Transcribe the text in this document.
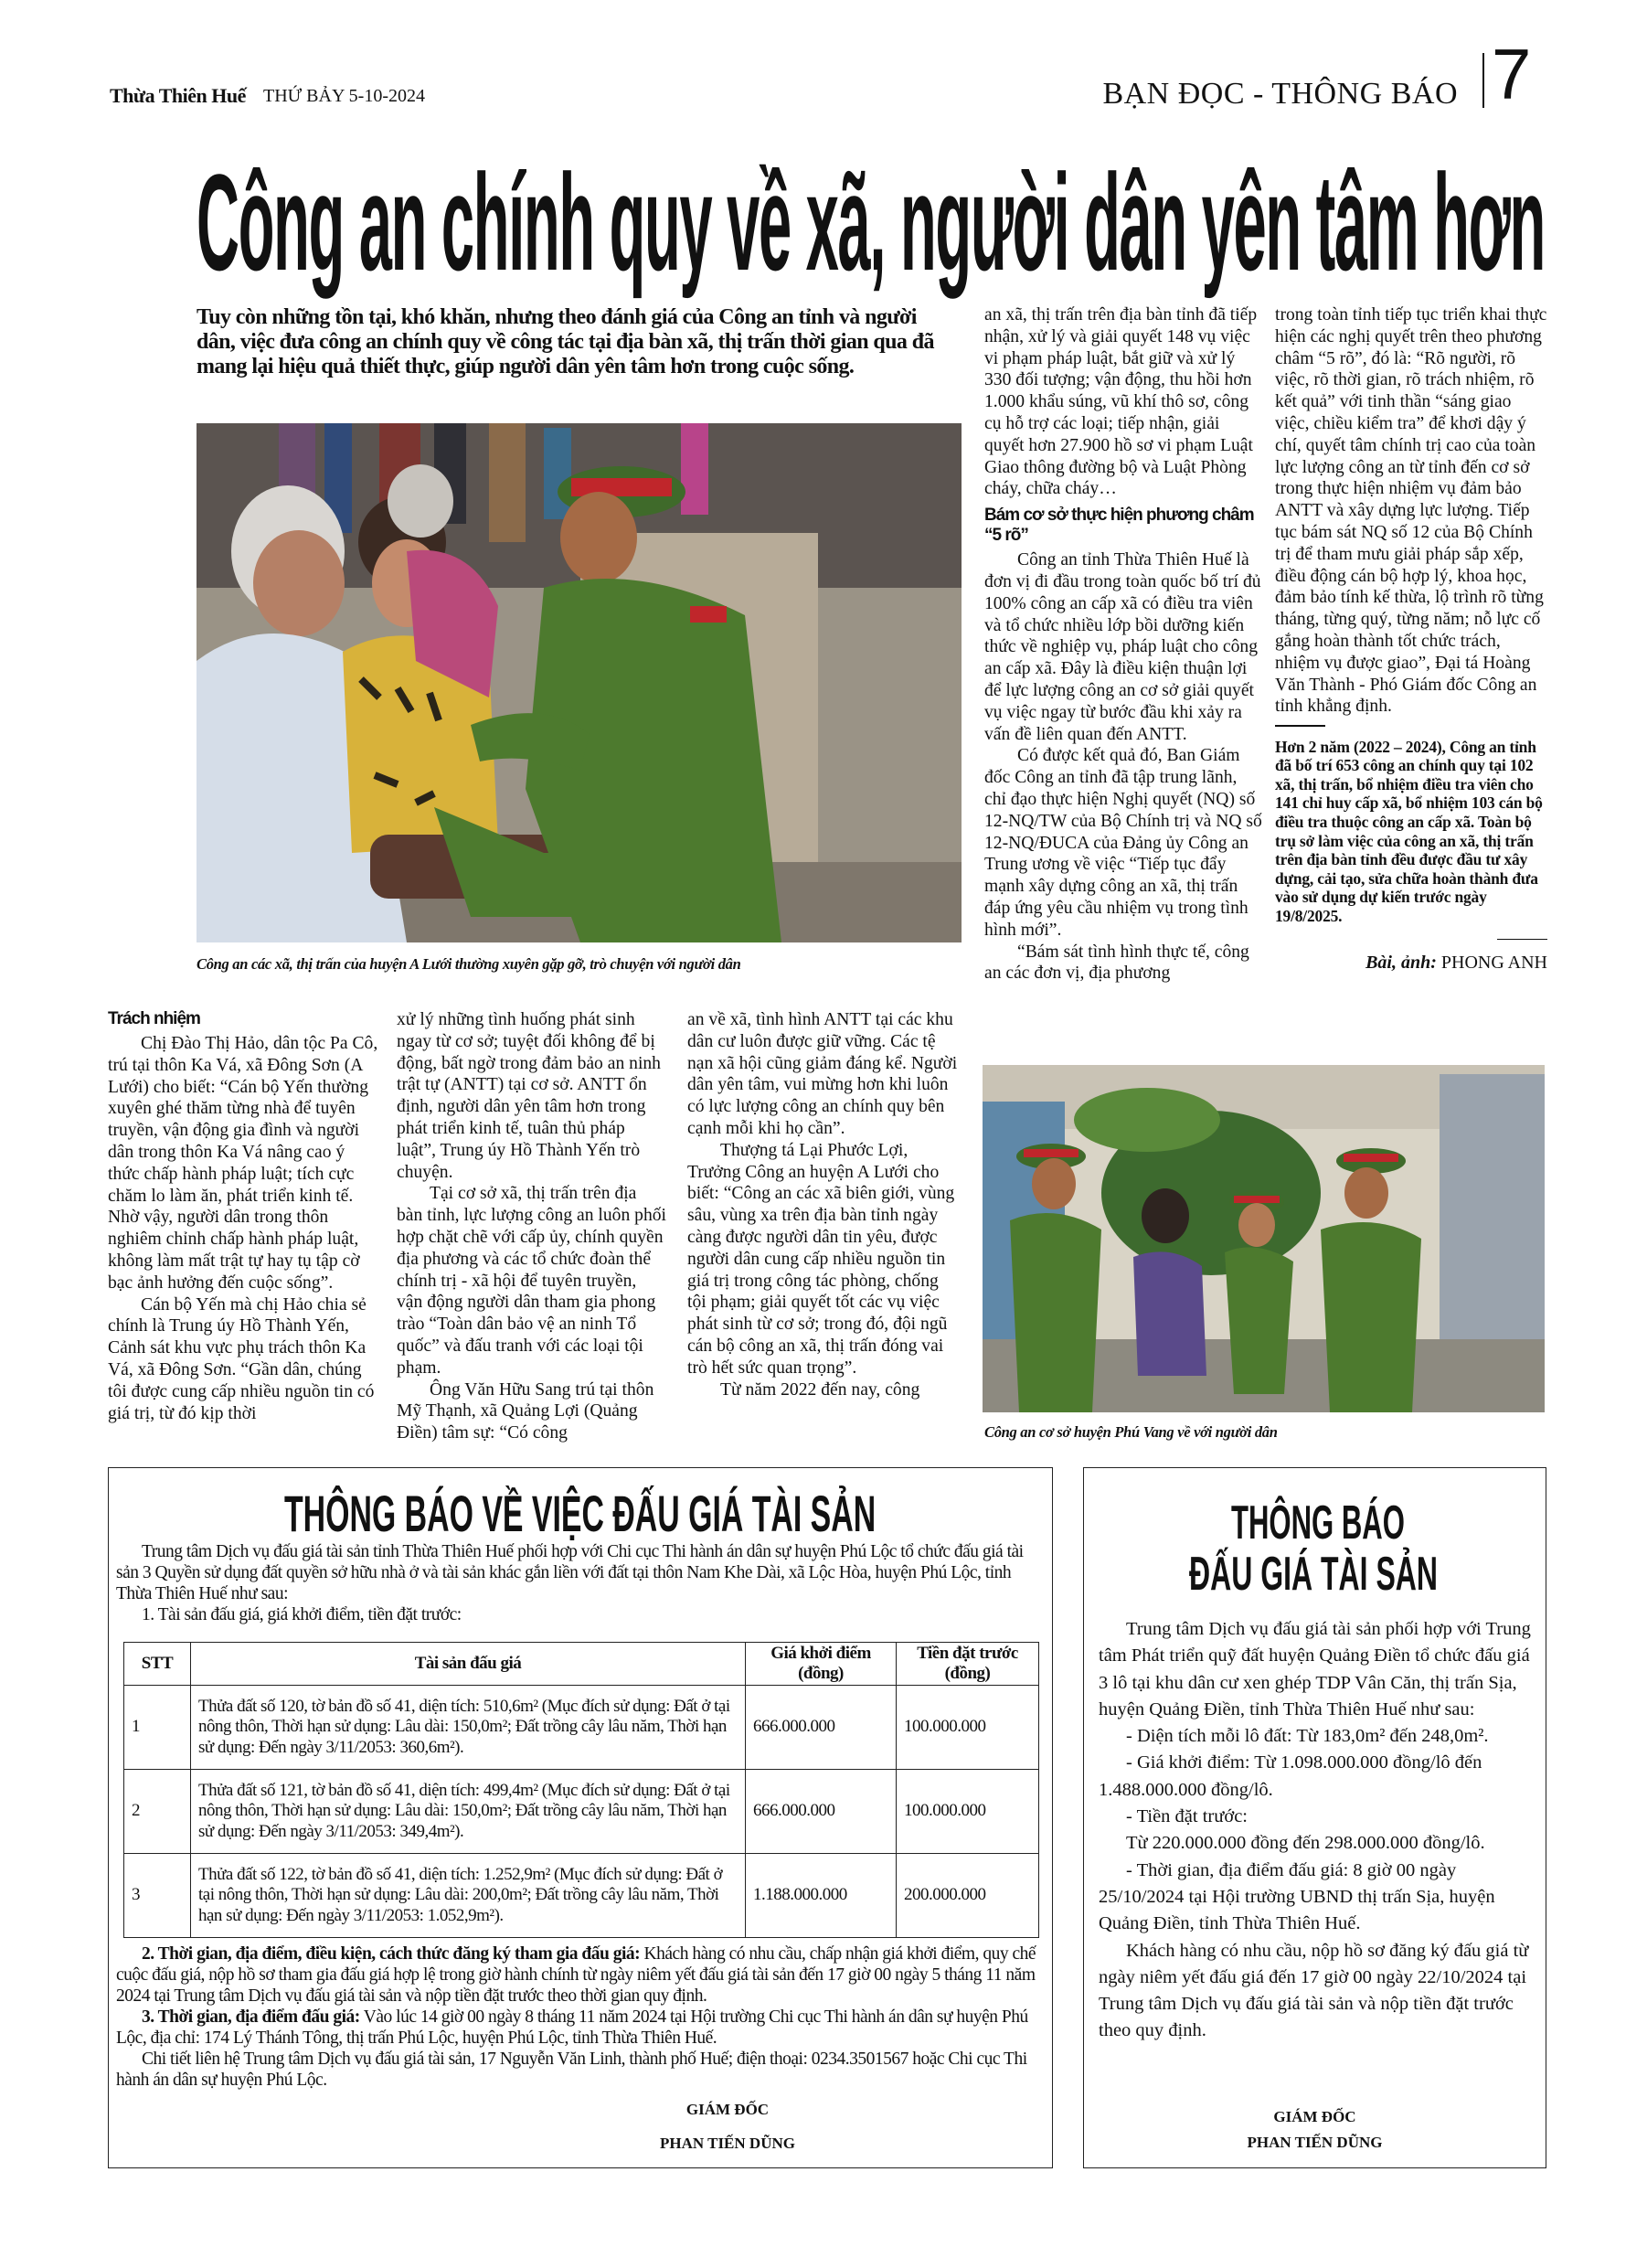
Thừa Thiên Huế THỨ BẢY 5-10-2024	BẠN ĐỌC - THÔNG BÁO 7
Công an chính quy về xã, người dân yên tâm hơn
Tuy còn những tồn tại, khó khăn, nhưng theo đánh giá của Công an tỉnh và người dân, việc đưa công an chính quy về công tác tại địa bàn xã, thị trấn thời gian qua đã mang lại hiệu quả thiết thực, giúp người dân yên tâm hơn trong cuộc sống.
Công an các xã, thị trấn của huyện A Lưới thường xuyên gặp gỡ, trò chuyện với người dân

an xã, thị trấn trên địa bàn tỉnh đã tiếp nhận, xử lý và giải quyết 148 vụ việc vi phạm pháp luật, bắt giữ và xử lý 330 đối tượng; vận động, thu hồi hơn 1.000 khẩu súng, vũ khí thô sơ, công cụ hỗ trợ các loại; tiếp nhận, giải quyết hơn 27.900 hồ sơ vi phạm Luật Giao thông đường bộ và Luật Phòng cháy, chữa cháy…

Bám cơ sở thực hiện phương châm “5 rõ”

Công an tỉnh Thừa Thiên Huế là đơn vị đi đầu trong toàn quốc bố trí đủ 100% công an cấp xã có điều tra viên và tổ chức nhiều lớp bồi dưỡng kiến thức về nghiệp vụ, pháp luật cho công an cấp xã. Đây là điều kiện thuận lợi để lực lượng công an cơ sở giải quyết vụ việc ngay từ bước đầu khi xảy ra vấn đề liên quan đến ANTT.

Có được kết quả đó, Ban Giám đốc Công an tỉnh đã tập trung lãnh, chỉ đạo thực hiện Nghị quyết (NQ) số 12-NQ/TW của Bộ Chính trị và NQ số 12-NQ/ĐUCA của Đảng ủy Công an Trung ương về việc “Tiếp tục đẩy mạnh xây dựng công an xã, thị trấn đáp ứng yêu cầu nhiệm vụ trong tình hình mới”.

“Bám sát tình hình thực tế, công an các đơn vị, địa phương

trong toàn tỉnh tiếp tục triển khai thực hiện các nghị quyết trên theo phương châm “5 rõ”, đó là: “Rõ người, rõ việc, rõ thời gian, rõ trách nhiệm, rõ kết quả” với tinh thần “sáng giao việc, chiều kiểm tra” để khơi dậy ý chí, quyết tâm chính trị cao của toàn lực lượng công an từ tỉnh đến cơ sở trong thực hiện nhiệm vụ đảm bảo ANTT và xây dựng lực lượng. Tiếp tục bám sát NQ số 12 của Bộ Chính trị để tham mưu giải pháp sắp xếp, điều động cán bộ hợp lý, khoa học, đảm bảo tính kế thừa, lộ trình rõ từng tháng, từng quý, từng năm; nỗ lực cố gắng hoàn thành tốt chức trách, nhiệm vụ được giao”, Đại tá Hoàng Văn Thành - Phó Giám đốc Công an tỉnh khẳng định.

Hơn 2 năm (2022 – 2024), Công an tỉnh đã bố trí 653 công an chính quy tại 102 xã, thị trấn, bổ nhiệm điều tra viên cho 141 chỉ huy cấp xã, bổ nhiệm 103 cán bộ điều tra thuộc công an cấp xã. Toàn bộ trụ sở làm việc của công an xã, thị trấn trên địa bàn tỉnh đều được đầu tư xây dựng, cải tạo, sửa chữa hoàn thành đưa vào sử dụng dự kiến trước ngày 19/8/2025.
Bài, ảnh: PHONG ANH
Trách nhiệm

Chị Đào Thị Hảo, dân tộc Pa Cô, trú tại thôn Ka Vá, xã Đông Sơn (A Lưới) cho biết: “Cán bộ Yến thường xuyên ghé thăm từng nhà để tuyên truyền, vận động gia đình và người dân trong thôn Ka Vá nâng cao ý thức chấp hành pháp luật; tích cực chăm lo làm ăn, phát triển kinh tế. Nhờ vậy, người dân trong thôn nghiêm chỉnh chấp hành pháp luật, không làm mất trật tự hay tụ tập cờ bạc ảnh hưởng đến cuộc sống”.

Cán bộ Yến mà chị Hảo chia sẻ chính là Trung úy Hồ Thành Yến, Cảnh sát khu vực phụ trách thôn Ka Vá, xã Đông Sơn. “Gần dân, chúng tôi được cung cấp nhiều nguồn tin có giá trị, từ đó kịp thời

xử lý những tình huống phát sinh ngay từ cơ sở; tuyệt đối không để bị động, bất ngờ trong đảm bảo an ninh trật tự (ANTT) tại cơ sở. ANTT ổn định, người dân yên tâm hơn trong phát triển kinh tế, tuân thủ pháp luật”, Trung úy Hồ Thành Yến trò chuyện.

Tại cơ sở xã, thị trấn trên địa bàn tỉnh, lực lượng công an luôn phối hợp chặt chẽ với cấp ủy, chính quyền địa phương và các tổ chức đoàn thể chính trị - xã hội để tuyên truyền, vận động người dân tham gia phong trào “Toàn dân bảo vệ an ninh Tổ quốc” và đấu tranh với các loại tội phạm.

Ông Văn Hữu Sang trú tại thôn Mỹ Thạnh, xã Quảng Lợi (Quảng Điền) tâm sự: “Có công

an về xã, tình hình ANTT tại các khu dân cư luôn được giữ vững. Các tệ nạn xã hội cũng giảm đáng kể. Người dân yên tâm, vui mừng hơn khi luôn có lực lượng công an chính quy bên cạnh mỗi khi họ cần”.

Thượng tá Lại Phước Lợi, Trưởng Công an huyện A Lưới cho biết: “Công an các xã biên giới, vùng sâu, vùng xa trên địa bàn tỉnh ngày càng được người dân tin yêu, được người dân cung cấp nhiều nguồn tin giá trị trong công tác phòng, chống tội phạm; giải quyết tốt các vụ việc phát sinh từ cơ sở; trong đó, đội ngũ cán bộ công an xã, thị trấn đóng vai trò hết sức quan trọng”.

Từ năm 2022 đến nay, công

Công an cơ sở huyện Phú Vang về với người dân
THÔNG BÁO VỀ VIỆC ĐẤU GIÁ TÀI SẢN

Trung tâm Dịch vụ đấu giá tài sản tỉnh Thừa Thiên Huế phối hợp với Chi cục Thi hành án dân sự huyện Phú Lộc tổ chức đấu giá tài sản 3 Quyền sử dụng đất quyền sở hữu nhà ở và tài sản khác gắn liền với đất tại thôn Nam Khe Dài, xã Lộc Hòa, huyện Phú Lộc, tỉnh Thừa Thiên Huế như sau:

1. Tài sản đấu giá, giá khởi điểm, tiền đặt trước:

STT	Tài sản đấu giá	Giá khởi điểm (đồng)	Tiền đặt trước (đồng)
1	Thửa đất số 120, tờ bản đồ số 41, diện tích: 510,6m² (Mục đích sử dụng: Đất ở tại nông thôn, Thời hạn sử dụng: Lâu dài: 150,0m²; Đất trồng cây lâu năm, Thời hạn sử dụng: Đến ngày 3/11/2053: 360,6m²).	666.000.000	100.000.000
2	Thửa đất số 121, tờ bản đồ số 41, diện tích: 499,4m² (Mục đích sử dụng: Đất ở tại nông thôn, Thời hạn sử dụng: Lâu dài: 150,0m²; Đất trồng cây lâu năm, Thời hạn sử dụng: Đến ngày 3/11/2053: 349,4m²).	666.000.000	100.000.000
3	Thửa đất số 122, tờ bản đồ số 41, diện tích: 1.252,9m² (Mục đích sử dụng: Đất ở tại nông thôn, Thời hạn sử dụng: Lâu dài: 200,0m²; Đất trồng cây lâu năm, Thời hạn sử dụng: Đến ngày 3/11/2053: 1.052,9m²).	1.188.000.000	200.000.000

2. Thời gian, địa điểm, điều kiện, cách thức đăng ký tham gia đấu giá: Khách hàng có nhu cầu, chấp nhận giá khởi điểm, quy chế cuộc đấu giá, nộp hồ sơ tham gia đấu giá hợp lệ trong giờ hành chính từ ngày niêm yết đấu giá tài sản đến 17 giờ 00 ngày 5 tháng 11 năm 2024 tại Trung tâm Dịch vụ đấu giá tài sản và nộp tiền đặt trước theo thời gian quy định.

3. Thời gian, địa điểm đấu giá: Vào lúc 14 giờ 00 ngày 8 tháng 11 năm 2024 tại Hội trường Chi cục Thi hành án dân sự huyện Phú Lộc, địa chỉ: 174 Lý Thánh Tông, thị trấn Phú Lộc, huyện Phú Lộc, tỉnh Thừa Thiên Huế.

Chi tiết liên hệ Trung tâm Dịch vụ đấu giá tài sản, 17 Nguyễn Văn Linh, thành phố Huế; điện thoại: 0234.3501567 hoặc Chi cục Thi hành án dân sự huyện Phú Lộc.

GIÁM ĐỐC
PHAN TIẾN DŨNG
THÔNG BÁO
ĐẤU GIÁ TÀI SẢN

Trung tâm Dịch vụ đấu giá tài sản phối hợp với Trung tâm Phát triển quỹ đất huyện Quảng Điền tổ chức đấu giá 3 lô tại khu dân cư xen ghép TDP Vân Căn, thị trấn Sịa, huyện Quảng Điền, tỉnh Thừa Thiên Huế như sau:

- Diện tích mỗi lô đất: Từ 183,0m² đến 248,0m².

- Giá khởi điểm: Từ 1.098.000.000 đồng/lô đến 1.488.000.000 đồng/lô.

- Tiền đặt trước:

Từ 220.000.000 đồng đến 298.000.000 đồng/lô.

- Thời gian, địa điểm đấu giá: 8 giờ 00 ngày 25/10/2024 tại Hội trường UBND thị trấn Sịa, huyện Quảng Điền, tỉnh Thừa Thiên Huế.

Khách hàng có nhu cầu, nộp hồ sơ đăng ký đấu giá từ ngày niêm yết đấu giá đến 17 giờ 00 ngày 22/10/2024 tại Trung tâm Dịch vụ đấu giá tài sản và nộp tiền đặt trước theo quy định.

GIÁM ĐỐC
PHAN TIẾN DŨNG
